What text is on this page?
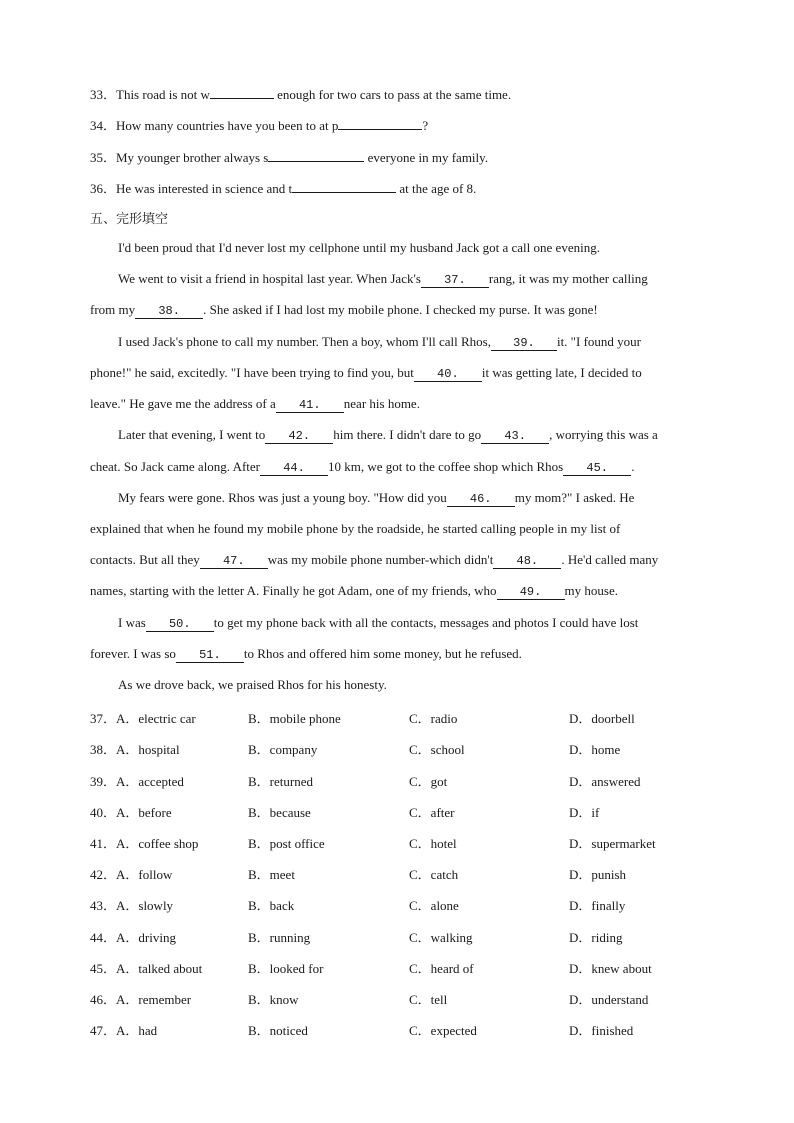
33．This road is not w	enough for two cars to pass at the same time.
34．How many countries have you been to at p	?
35．My younger brother always s	everyone in my family.
36．He was interested in science and t	at the age of 8.
五、完形填空
I'd been proud that I'd never lost my cellphone until my husband Jack got a call one evening.
We went to visit a friend in hospital last year. When Jack's 37. rang, it was my mother calling
from my 38. . She asked if I had lost my mobile phone. I checked my purse. It was gone!
I used Jack's phone to call my number. Then a boy, whom I'll call Rhos, 39. it. "I found your
phone!" he said, excitedly. "I have been trying to find you, but 40. it was getting late, I decided to
leave." He gave me the address of a 41. near his home.
Later that evening, I went to 42. him there. I didn't dare to go 43. , worrying this was a
cheat. So Jack came along. After 44. 10 km, we got to the coffee shop which Rhos 45. .
My fears were gone. Rhos was just a young boy. "How did you 46. my mom?" I asked. He
explained that when he found my mobile phone by the roadside, he started calling people in my list of
contacts. But all they 47. was my mobile phone number-which didn't 48. . He'd called many
names, starting with the letter A. Finally he got Adam, one of my friends, who 49. my house.
I was 50. to get my phone back with all the contacts, messages and photos I could have lost
forever. I was so 51. to Rhos and offered him some money, but he refused.
As we drove back, we praised Rhos for his honesty.
37．A．electric car	B．mobile phone	C．radio	D．doorbell
38．A．hospital	B．company	C．school	D．home
39．A．accepted	B．returned	C．got	D．answered
40．A．before	B．because	C．after	D．if
41．A．coffee shop	B．post office	C．hotel	D．supermarket
42．A．follow	B．meet	C．catch	D．punish
43．A．slowly	B．back	C．alone	D．finally
44．A．driving	B．running	C．walking	D．riding
45．A．talked about	B．looked for	C．heard of	D．knew about
46．A．remember	B．know	C．tell	D．understand
47．A．had	B．noticed	C．expected	D．finished
